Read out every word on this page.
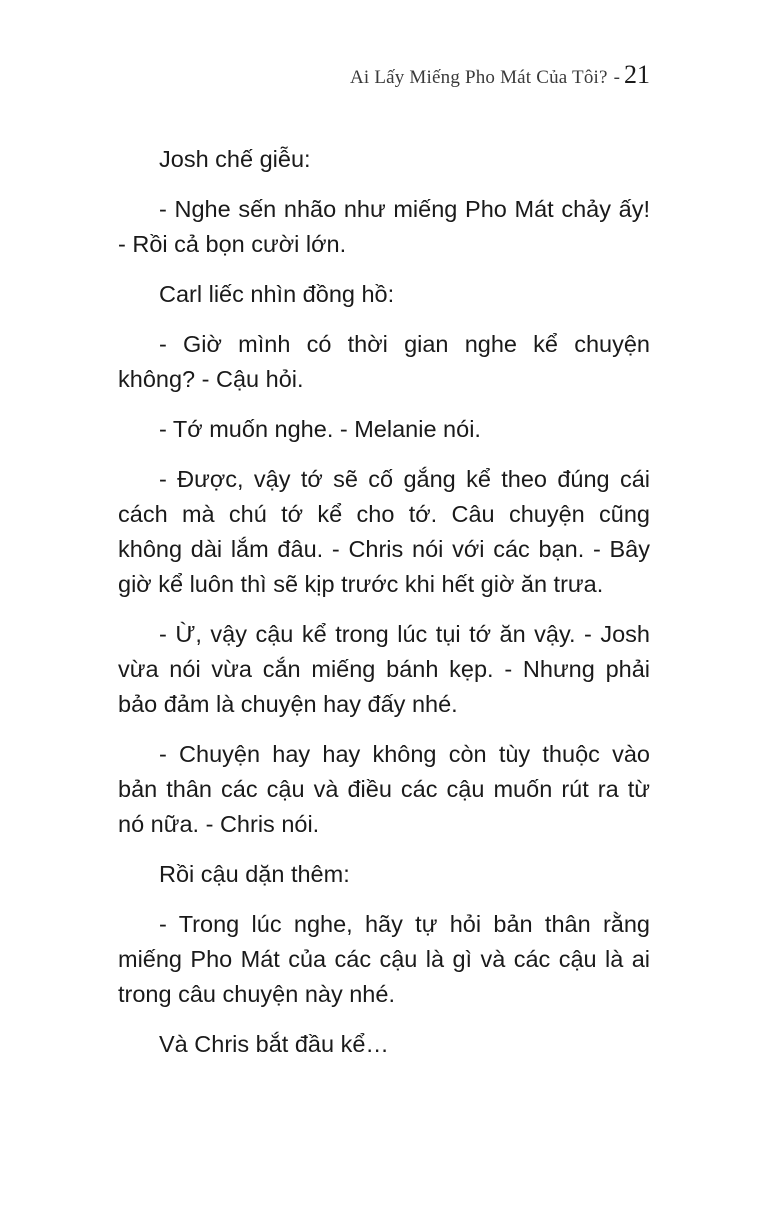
Ai Lấy Miếng Pho Mát Của Tôi? - 21

Josh chế giễu:

- Nghe sến nhão như miếng Pho Mát chảy ấy! - Rồi cả bọn cười lớn.

Carl liếc nhìn đồng hồ:

- Giờ mình có thời gian nghe kể chuyện không? - Cậu hỏi.

- Tớ muốn nghe. - Melanie nói.

- Được, vậy tớ sẽ cố gắng kể theo đúng cái cách mà chú tớ kể cho tớ. Câu chuyện cũng không dài lắm đâu. - Chris nói với các bạn. - Bây giờ kể luôn thì sẽ kịp trước khi hết giờ ăn trưa.

- Ừ, vậy cậu kể trong lúc tụi tớ ăn vậy. - Josh vừa nói vừa cắn miếng bánh kẹp. - Nhưng phải bảo đảm là chuyện hay đấy nhé.

- Chuyện hay hay không còn tùy thuộc vào bản thân các cậu và điều các cậu muốn rút ra từ nó nữa. - Chris nói.

Rồi cậu dặn thêm:

- Trong lúc nghe, hãy tự hỏi bản thân rằng miếng Pho Mát của các cậu là gì và các cậu là ai trong câu chuyện này nhé.

Và Chris bắt đầu kể…
